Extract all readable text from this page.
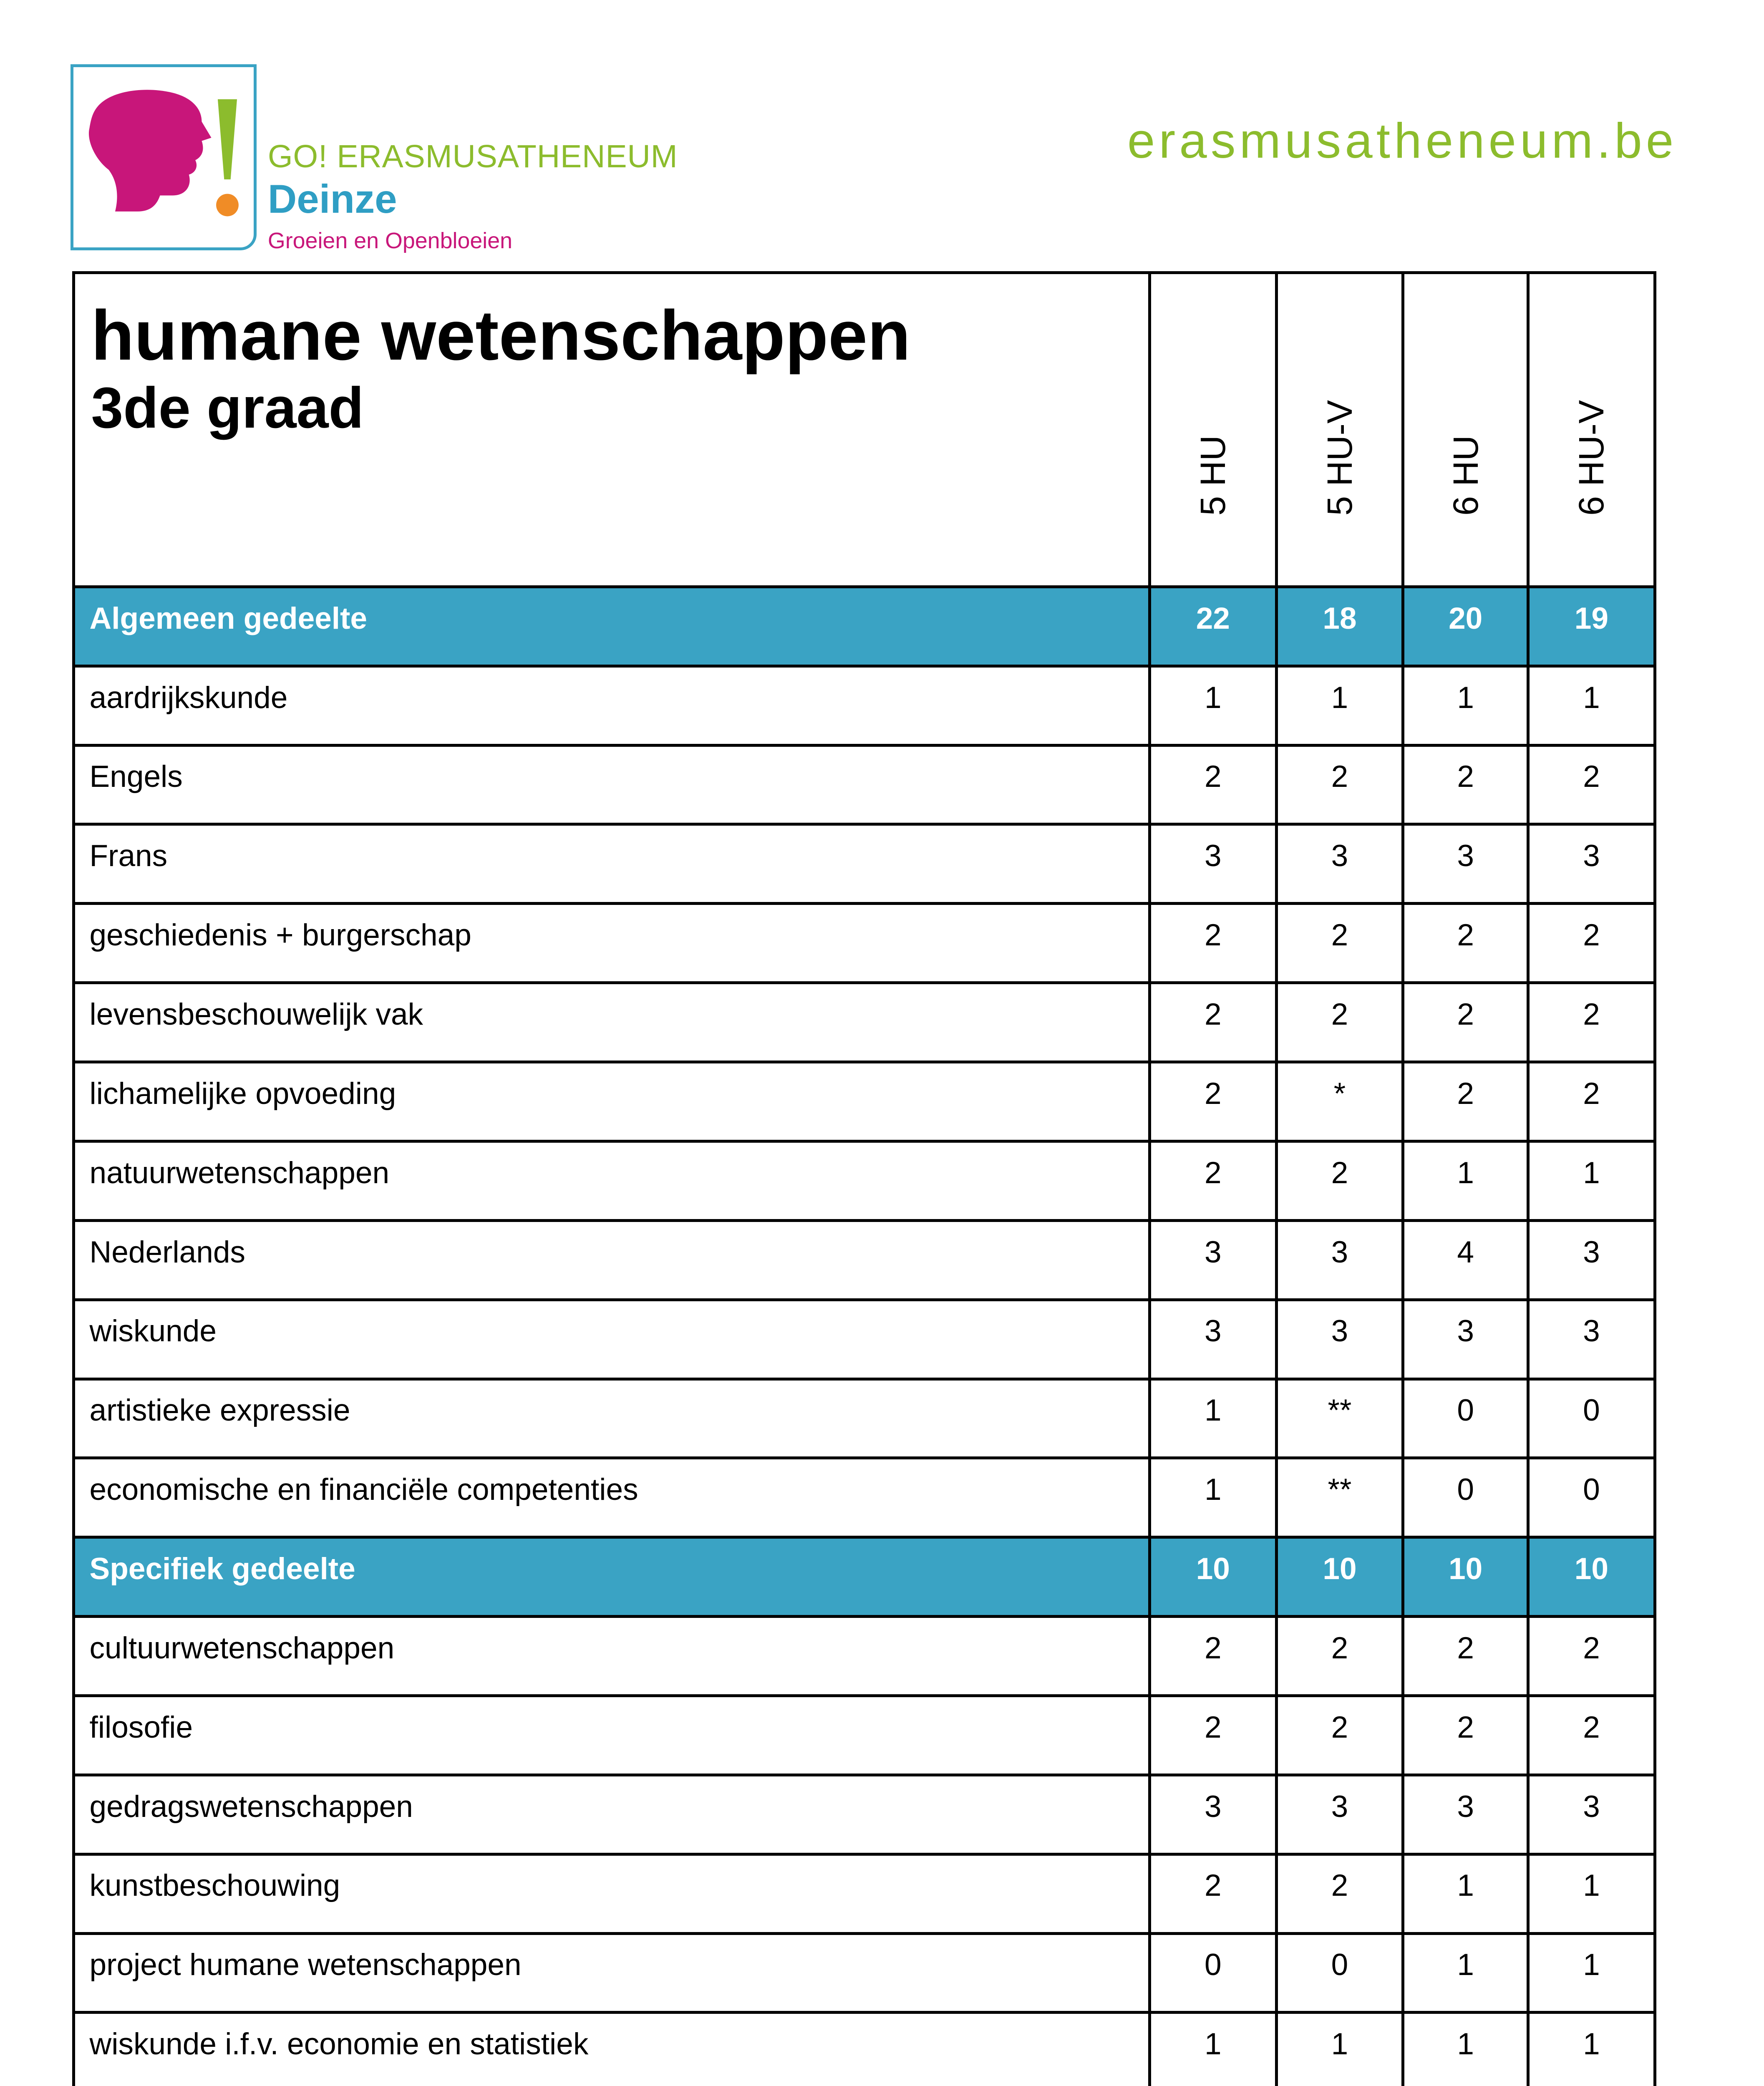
GO! ERASMUSATHENEUM
Deinze
Groeien en Openbloeien
erasmusatheneum.be
humane wetenschappen
3de graad	5 HU	5 HU-V	6 HU	6 HU-V

Algemeen gedeelte	22	18	20	19
aardrijkskunde	1	1	1	1
Engels	2	2	2	2
Frans	3	3	3	3
geschiedenis + burgerschap	2	2	2	2
levensbeschouwelijk vak	2	2	2	2
lichamelijke opvoeding	2	*	2	2
natuurwetenschappen	2	2	1	1
Nederlands	3	3	4	3
wiskunde	3	3	3	3
artistieke expressie	1	**	0	0
economische en financiële competenties	1	**	0	0
Specifiek gedeelte	10	10	10	10
cultuurwetenschappen	2	2	2	2
filosofie	2	2	2	2
gedragswetenschappen	3	3	3	3
kunstbeschouwing	2	2	1	1
project humane wetenschappen	0	0	1	1
wiskunde i.f.v. economie en statistiek	1	1	1	1
